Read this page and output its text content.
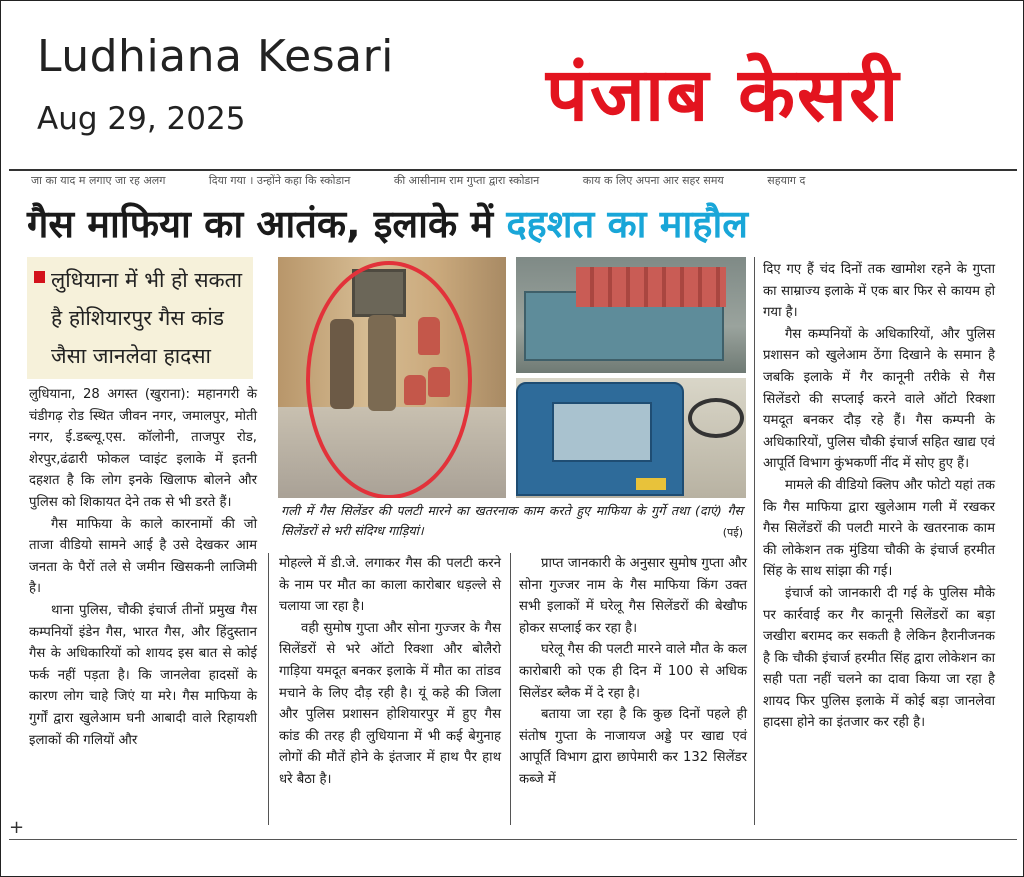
Ludhiana Kesari
Aug 29, 2025	पंजाब केसरी
जा का याद म लगाए जा रह अलग	दिया गया । उन्होंने कहा कि स्कोडान	की आसीनाम राम गुप्ता द्वारा स्कोडान	काय क लिए अपना आर सहर समय	सहयाग द
गैस माफिया का आतंक, इलाके में दहशत का माहौल
लुधियाना में भी हो सकता है होशियारपुर गैस कांड जैसा जानलेवा हादसा

लुधियाना, 28 अगस्त (खुराना): महानगरी के चंडीगढ़ रोड स्थित जीवन नगर, जमालपुर, मोती नगर, ई.डब्ल्यू.एस. कॉलोनी, ताजपुर रोड, शेरपुर,ढंढारी फोकल प्वाइंट इलाके में इतनी दहशत है कि लोग इनके खिलाफ बोलने और पुलिस को शिकायत देने तक से भी डरते हैं।

गैस माफिया के काले कारनामों की जो ताजा वीडियो सामने आई है उसे देखकर आम जनता के पैरों तले से जमीन खिसकनी लाजिमी है।

थाना पुलिस, चौकी इंचार्ज तीनों प्रमुख गैस कम्पनियों इंडेन गैस, भारत गैस, और हिंदुस्तान गैस के अधिकारियों को शायद इस बात से कोई फर्क नहीं पड़ता है। कि जानलेवा हादसों के कारण लोग चाहे जिएं या मरे। गैस माफिया के गुर्गों द्वारा खुलेआम घनी आबादी वाले रिहायशी इलाकों की गलियों और

गली में गैस सिलेंडर की पलटी मारने का खतरनाक काम करते हुए माफिया के गुर्गे तथा (दाएं) गैस सिलेंडरों से भरी संदिग्ध गाड़ियां।	(पई)

मोहल्ले में डी.जे. लगाकर गैस की पलटी करने के नाम पर मौत का काला कारोबार धड़ल्ले से चलाया जा रहा है।

वही सुमोष गुप्ता और सोना गुज्जर के गैस सिलेंडरों से भरे ऑटो रिक्शा और बोलैरो गाड़िया यमदूत बनकर इलाके में मौत का तांडव मचाने के लिए दौड़ रही है। यूं कहे की जिला और पुलिस प्रशासन होशियारपुर में हुए गैस कांड की तरह ही लुधियाना में भी कई बेगुनाह लोगों की मौतें होने के इंतजार में हाथ पैर हाथ धरे बैठा है।

प्राप्त जानकारी के अनुसार सुमोष गुप्ता और सोना गुज्जर नाम के गैस माफिया किंग उक्त सभी इलाकों में घरेलू गैस सिलेंडरों की बेखौफ होकर सप्लाई कर रहा है।

घरेलू गैस की पलटी मारने वाले मौत के कल कारोबारी को एक ही दिन में 100 से अधिक सिलेंडर ब्लैक में दे रहा है।

बताया जा रहा है कि कुछ दिनों पहले ही संतोष गुप्ता के नाजायज अड्डे पर खाद्य एवं आपूर्ति विभाग द्वारा छापेमारी कर 132 सिलेंडर कब्जे में

दिए गए हैं चंद दिनों तक खामोश रहने के गुप्ता का साम्राज्य इलाके में एक बार फिर से कायम हो गया है।

गैस कम्पनियों के अधिकारियों, और पुलिस प्रशासन को खुलेआम ठेंगा दिखाने के समान है जबकि इलाके में गैर कानूनी तरीके से गैस सिलेंडरो की सप्लाई करने वाले ऑटो रिक्शा यमदूत बनकर दौड़ रहे हैं। गैस कम्पनी के अधिकारियों, पुलिस चौकी इंचार्ज सहित खाद्य एवं आपूर्ति विभाग कुंभकर्णी नींद में सोए हुए हैं।

मामले की वीडियो क्लिप और फोटो यहां तक कि गैस माफिया द्वारा खुलेआम गली में रखकर गैस सिलेंडरों की पलटी मारने के खतरनाक काम की लोकेशन तक मुंडिया चौकी के इंचार्ज हरमीत सिंह के साथ सांझा की गई।

इंचार्ज को जानकारी दी गई के पुलिस मौके पर कार्रवाई कर गैर कानूनी सिलेंडरों का बड़ा जखीरा बरामद कर सकती है लेकिन हैरानीजनक है कि चौकी इंचार्ज हरमीत सिंह द्वारा लोकेशन का सही पता नहीं चलने का दावा किया जा रहा है शायद फिर पुलिस इलाके में कोई बड़ा जानलेवा हादसा होने का इंतजार कर रही है।

+
